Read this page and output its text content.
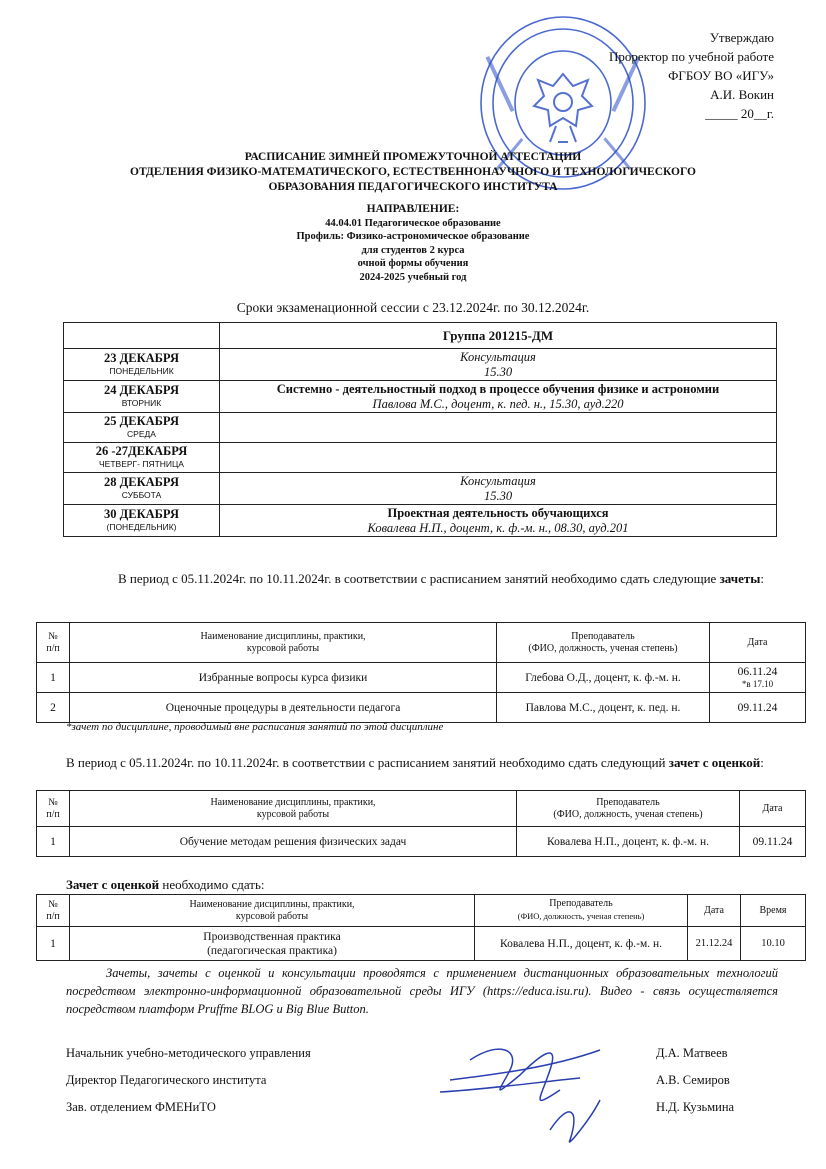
Утверждаю
Проректор по учебной работе
ФГБОУ ВО «ИГУ»
А.И. Вокин
_____ 20__г.
РАСПИСАНИЕ ЗИМНЕЙ ПРОМЕЖУТОЧНОЙ АТТЕСТАЦИИ
ОТДЕЛЕНИЯ ФИЗИКО-МАТЕМАТИЧЕСКОГО, ЕСТЕСТВЕННОНАУЧНОГО И ТЕХНОЛОГИЧЕСКОГО
ОБРАЗОВАНИЯ ПЕДАГОГИЧЕСКОГО ИНСТИТУТА
НАПРАВЛЕНИЕ:
44.04.01 Педагогическое образование
Профиль: Физико-астрономическое образование
для студентов 2 курса
очной формы обучения
2024-2025 учебный год
Сроки экзаменационной сессии с 23.12.2024г. по 30.12.2024г.
	Группа 201215-ДМ
23 ДЕКАБРЯ
ПОНЕДЕЛЬНИК	Консультация
15.30

24 ДЕКАБРЯ
ВТОРНИК	Системно - деятельностный подход в процессе обучения физике и астрономии
Павлова М.С., доцент, к. пед. н., 15.30, ауд.220

25 ДЕКАБРЯ
СРЕДА	

26 -27ДЕКАБРЯ
ЧЕТВЕРГ- ПЯТНИЦА	

28 ДЕКАБРЯ
СУББОТА	Консультация
15.30

30 ДЕКАБРЯ
(ПОНЕДЕЛЬНИК)	Проектная деятельность обучающихся
Ковалева Н.П., доцент, к. ф.-м. н., 08.30, ауд.201
В период с 05.11.2024г. по 10.11.2024г. в соответствии с расписанием занятий необходимо сдать следующие зачеты:
№
п/п	Наименование дисциплины, практики,
курсовой работы	Преподаватель
(ФИО, должность, ученая степень)	Дата
1	Избранные вопросы курса физики	Глебова О.Д., доцент, к. ф.-м. н.	06.11.24
*в 17.10
2	Оценочные процедуры в деятельности педагога	Павлова М.С., доцент, к. пед. н.	09.11.24
*зачет по дисциплине, проводимый вне расписания занятий по этой дисциплине
В период с 05.11.2024г. по 10.11.2024г. в соответствии с расписанием занятий необходимо сдать следующий зачет с оценкой:
№
п/п	Наименование дисциплины, практики,
курсовой работы	Преподаватель
(ФИО, должность, ученая степень)	Дата
1	Обучение методам решения физических задач	Ковалева Н.П., доцент, к. ф.-м. н.	09.11.24
Зачет с оценкой необходимо сдать:
№
п/п	Наименование дисциплины, практики,
курсовой работы	Преподаватель
(ФИО, должность, ученая степень)	Дата	Время
1	Производственная практика
(педагогическая практика)	Ковалева Н.П., доцент, к. ф.-м. н.	21.12.24	10.10
Зачеты, зачеты с оценкой и консультации проводятся с применением дистанционных образовательных технологий посредством электронно-информационной образовательной среды ИГУ (https://educa.isu.ru). Видео - связь осуществляется посредством платформ Pruffme BLOG и Big Blue Button.
Начальник учебно-методического управления	Д.А. Матвеев
Директор Педагогического института	А.В. Семиров
Зав. отделением ФМЕНиТО	Н.Д. Кузьмина
